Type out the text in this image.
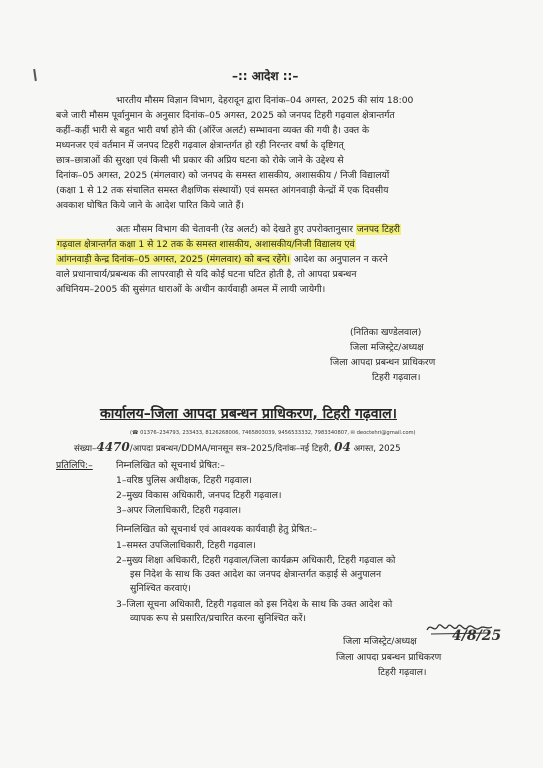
–:: आदेश ::–
भारतीय मौसम विज्ञान विभाग, देहरादून द्वारा दिनांक–04 अगस्त, 2025 की सांय 18:00
बजे जारी मौसम पूर्वानुमान के अनुसार दिनांक–05 अगस्त, 2025 को जनपद टिहरी गढ़वाल क्षेत्रान्तर्गत
कहीं–कहीं भारी से बहुत भारी वर्षा होने की (ऑरेंज अलर्ट) सम्भावना व्यक्त की गयी है। उक्त के
मध्यनजर एवं वर्तमान में जनपद टिहरी गढ़वाल क्षेत्रान्तर्गत हो रही निरन्तर वर्षा के दृष्टिगत्
छात्र–छात्राओं की सुरक्षा एवं किसी भी प्रकार की अप्रिय घटना को रोके जाने के उद्देश्य से
दिनांक–05 अगस्त, 2025 (मंगलवार) को जनपद के समस्त शासकीय, अशासकीय / निजी विद्यालयों
(कक्षा 1 से 12 तक संचालित समस्त शैक्षणिक संस्थायों) एवं समस्त आंगनवाड़ी केन्द्रों में एक दिवसीय
अवकाश घोषित किये जाने के आदेश पारित किये जाते हैं।
अतः मौसम विभाग की चेतावनी (रेड अलर्ट) को देखते हुए उपरोक्तानुसार जनपद टिहरी
गढ़वाल क्षेत्रान्तर्गत कक्षा 1 से 12 तक के समस्त शासकीय, अशासकीय/निजी विद्यालय एवं
आंगनवाड़ी केन्द्र दिनांक–05 अगस्त, 2025 (मंगलवार) को बन्द रहेंगे। आदेश का अनुपालन न करने
वाले प्रधानाचार्य/प्रबन्धक की लापरवाही से यदि कोई घटना घटित होती है, तो आपदा प्रबन्धन
अधिनियम–2005 की सुसंगत धाराओं के अधीन कार्यवाही अमल में लायी जायेगी।
(नितिका खण्डेलवाल)
जिला मजिस्ट्रेट/अध्यक्ष
जिला आपदा प्रबन्धन प्राधिकरण
टिहरी गढ़वाल।
कार्यालय–जिला आपदा प्रबन्धन प्राधिकरण, टिहरी गढ़वाल।
(☎ 01376–234793, 233433, 8126268006, 7465803039, 9456533332, 7983340807, ✉ deoctehri@gmail.com)
संख्या–4470/आपदा प्रबन्धन/DDMA/मानसून सत्र–2025/दिनांक–नई टिहरी, 04 अगस्त, 2025
प्रतिलिपि:–	निम्नलिखित को सूचनार्थ प्रेषित:–
1–वरिष्ठ पुलिस अधीक्षक, टिहरी गढ़वाल।
2–मुख्य विकास अधिकारी, जनपद टिहरी गढ़वाल।
3–अपर जिलाधिकारी, टिहरी गढ़वाल।
निम्नलिखित को सूचनार्थ एवं आवश्यक कार्यवाही हेतु प्रेषित:–
1–समस्त उपजिलाधिकारी, टिहरी गढ़वाल।
2–मुख्य शिक्षा अधिकारी, टिहरी गढ़वाल/जिला कार्यक्रम अधिकारी, टिहरी गढ़वाल को
इस निदेश के साथ कि उक्त आदेश का जनपद क्षेत्रान्तर्गत कड़ाई से अनुपालन
सुनिश्चित करवाएं।
3–जिला सूचना अधिकारी, टिहरी गढ़वाल को इस निदेश के साथ कि उक्त आदेश को
व्यापक रूप से प्रसारित/प्रचारित करना सुनिश्चित करें।
जिला मजिस्ट्रेट/अध्यक्ष	4/8/25
जिला आपदा प्रबन्धन प्राधिकरण
टिहरी गढ़वाल।
